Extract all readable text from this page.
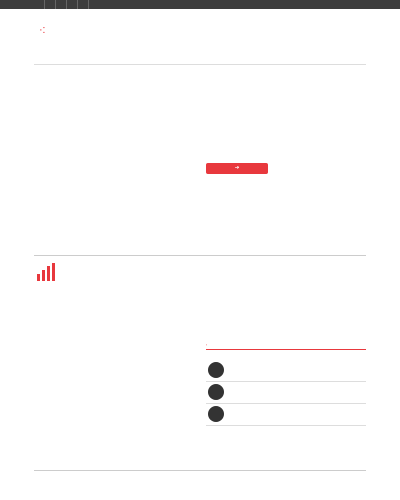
·:
➔

›
